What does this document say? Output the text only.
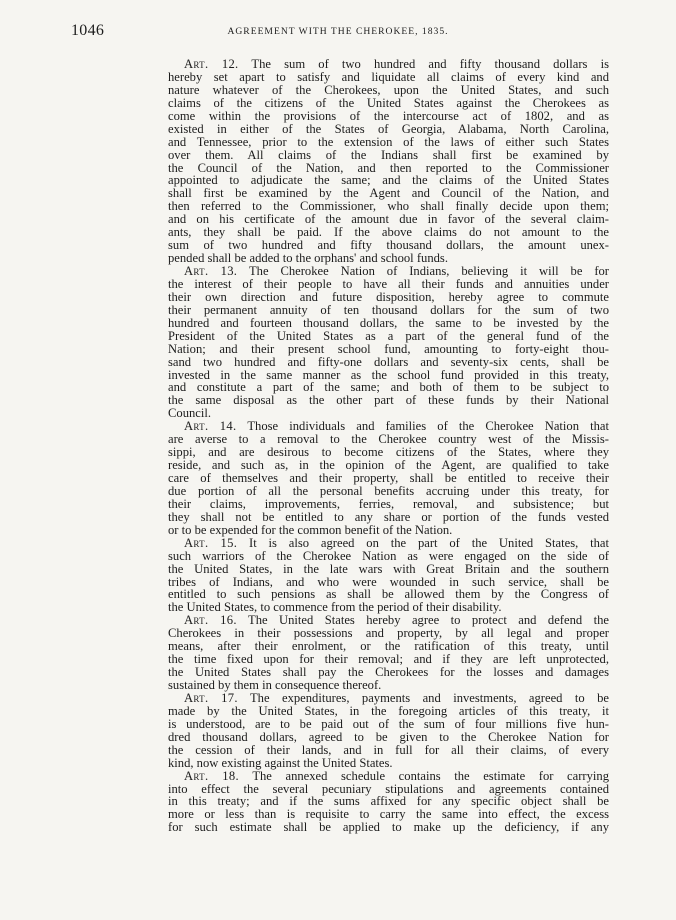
1046	AGREEMENT WITH THE CHEROKEE, 1835.

Art. 12. The sum of two hundred and fifty thousand dollars is
hereby set apart to satisfy and liquidate all claims of every kind and
nature whatever of the Cherokees, upon the United States, and such
claims of the citizens of the United States against the Cherokees as
come within the provisions of the intercourse act of 1802, and as
existed in either of the States of Georgia, Alabama, North Carolina,
and Tennessee, prior to the extension of the laws of either such States
over them. All claims of the Indians shall first be examined by
the Council of the Nation, and then reported to the Commissioner
appointed to adjudicate the same; and the claims of the United States
shall first be examined by the Agent and Council of the Nation, and
then referred to the Commissioner, who shall finally decide upon them;
and on his certificate of the amount due in favor of the several claim-
ants, they shall be paid. If the above claims do not amount to the
sum of two hundred and fifty thousand dollars, the amount unex-
pended shall be added to the orphans' and school funds.

Art. 13. The Cherokee Nation of Indians, believing it will be for
the interest of their people to have all their funds and annuities under
their own direction and future disposition, hereby agree to commute
their permanent annuity of ten thousand dollars for the sum of two
hundred and fourteen thousand dollars, the same to be invested by the
President of the United States as a part of the general fund of the
Nation; and their present school fund, amounting to forty-eight thou-
sand two hundred and fifty-one dollars and seventy-six cents, shall be
invested in the same manner as the school fund provided in this treaty,
and constitute a part of the same; and both of them to be subject to
the same disposal as the other part of these funds by their National
Council.

Art. 14. Those individuals and families of the Cherokee Nation that
are averse to a removal to the Cherokee country west of the Missis-
sippi, and are desirous to become citizens of the States, where they
reside, and such as, in the opinion of the Agent, are qualified to take
care of themselves and their property, shall be entitled to receive their
due portion of all the personal benefits accruing under this treaty, for
their claims, improvements, ferries, removal, and subsistence; but
they shall not be entitled to any share or portion of the funds vested
or to be expended for the common benefit of the Nation.

Art. 15. It is also agreed on the part of the United States, that
such warriors of the Cherokee Nation as were engaged on the side of
the United States, in the late wars with Great Britain and the southern
tribes of Indians, and who were wounded in such service, shall be
entitled to such pensions as shall be allowed them by the Congress of
the United States, to commence from the period of their disability.

Art. 16. The United States hereby agree to protect and defend the
Cherokees in their possessions and property, by all legal and proper
means, after their enrolment, or the ratification of this treaty, until
the time fixed upon for their removal; and if they are left unprotected,
the United States shall pay the Cherokees for the losses and damages
sustained by them in consequence thereof.

Art. 17. The expenditures, payments and investments, agreed to be
made by the United States, in the foregoing articles of this treaty, it
is understood, are to be paid out of the sum of four millions five hun-
dred thousand dollars, agreed to be given to the Cherokee Nation for
the cession of their lands, and in full for all their claims, of every
kind, now existing against the United States.

Art. 18. The annexed schedule contains the estimate for carrying
into effect the several pecuniary stipulations and agreements contained
in this treaty; and if the sums affixed for any specific object shall be
more or less than is requisite to carry the same into effect, the excess
for such estimate shall be applied to make up the deficiency, if any
